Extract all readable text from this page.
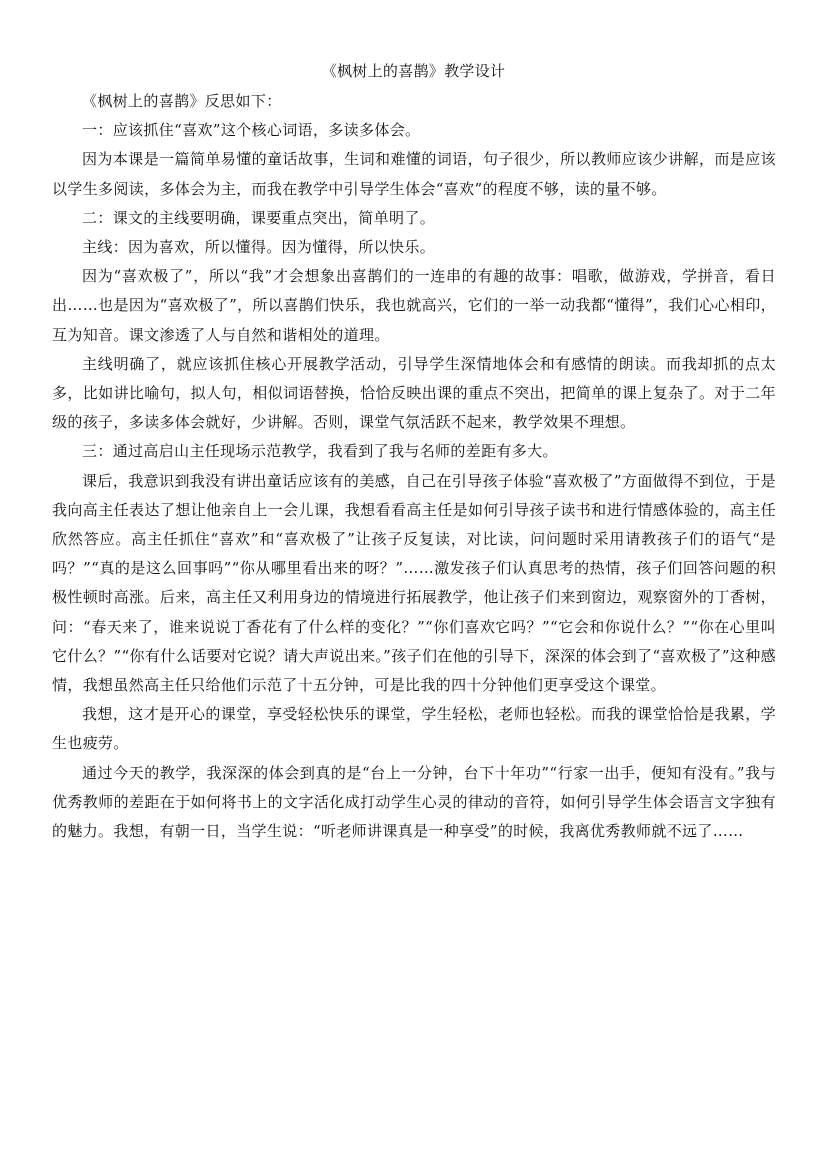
《枫树上的喜鹊》教学设计

《枫树上的喜鹊》反思如下：

一：应该抓住“喜欢”这个核心词语，多读多体会。

因为本课是一篇简单易懂的童话故事，生词和难懂的词语，句子很少，所以教师应该少讲解，而是应该以学生多阅读，多体会为主，而我在教学中引导学生体会“喜欢”的程度不够，读的量不够。

二：课文的主线要明确，课要重点突出，简单明了。

主线：因为喜欢，所以懂得。因为懂得，所以快乐。

因为“喜欢极了”，所以“我”才会想象出喜鹊们的一连串的有趣的故事：唱歌，做游戏，学拼音，看日出……也是因为“喜欢极了”，所以喜鹊们快乐，我也就高兴，它们的一举一动我都“懂得”，我们心心相印，互为知音。课文渗透了人与自然和谐相处的道理。

主线明确了，就应该抓住核心开展教学活动，引导学生深情地体会和有感情的朗读。而我却抓的点太多，比如讲比喻句，拟人句，相似词语替换，恰恰反映出课的重点不突出，把简单的课上复杂了。对于二年级的孩子，多读多体会就好，少讲解。否则，课堂气氛活跃不起来，教学效果不理想。

三：通过高启山主任现场示范教学，我看到了我与名师的差距有多大。

课后，我意识到我没有讲出童话应该有的美感，自己在引导孩子体验“喜欢极了”方面做得不到位，于是我向高主任表达了想让他亲自上一会儿课，我想看看高主任是如何引导孩子读书和进行情感体验的，高主任欣然答应。高主任抓住“喜欢”和“喜欢极了”让孩子反复读，对比读，问问题时采用请教孩子们的语气“是吗？”“真的是这么回事吗”“你从哪里看出来的呀？”……激发孩子们认真思考的热情，孩子们回答问题的积极性顿时高涨。后来，高主任又利用身边的情境进行拓展教学，他让孩子们来到窗边，观察窗外的丁香树，问：“春天来了，谁来说说丁香花有了什么样的变化？”“你们喜欢它吗？”“它会和你说什么？”“你在心里叫它什么？”“你有什么话要对它说？请大声说出来。”孩子们在他的引导下，深深的体会到了“喜欢极了”这种感情，我想虽然高主任只给他们示范了十五分钟，可是比我的四十分钟他们更享受这个课堂。

我想，这才是开心的课堂，享受轻松快乐的课堂，学生轻松，老师也轻松。而我的课堂恰恰是我累，学生也疲劳。

通过今天的教学，我深深的体会到真的是“台上一分钟，台下十年功”“行家一出手，便知有没有。”我与优秀教师的差距在于如何将书上的文字活化成打动学生心灵的律动的音符，如何引导学生体会语言文字独有的魅力。我想，有朝一日，当学生说：“听老师讲课真是一种享受”的时候，我离优秀教师就不远了……
